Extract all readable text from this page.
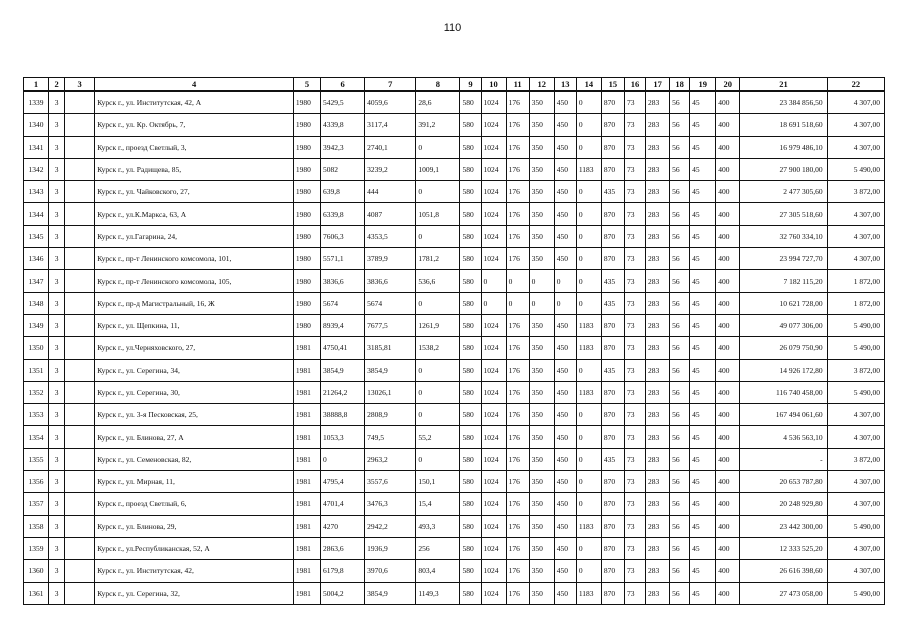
110
1	2	3	4	5	6	7	8	9	10	11	12	13	14	15	16	17	18	19	20	21	22
1339	3		Курск г., ул. Институтская, 42, А	1980	5429,5	4059,6	28,6	580	1024	176	350	450	0	870	73	283	56	45	400	23 384 856,50	4 307,00
1340	3		Курск г., ул. Кр. Октябрь, 7,	1980	4339,8	3117,4	391,2	580	1024	176	350	450	0	870	73	283	56	45	400	18 691 518,60	4 307,00
1341	3		Курск г., проезд Светлый, 3,	1980	3942,3	2740,1	0	580	1024	176	350	450	0	870	73	283	56	45	400	16 979 486,10	4 307,00
1342	3		Курск г., ул. Радищева, 85,	1980	5082	3239,2	1009,1	580	1024	176	350	450	1183	870	73	283	56	45	400	27 900 180,00	5 490,00
1343	3		Курск г., ул. Чайковского, 27,	1980	639,8	444	0	580	1024	176	350	450	0	435	73	283	56	45	400	2 477 305,60	3 872,00
1344	3		Курск г., ул.К.Маркса, 63, А	1980	6339,8	4087	1051,8	580	1024	176	350	450	0	870	73	283	56	45	400	27 305 518,60	4 307,00
1345	3		Курск г., ул.Гагарина, 24,	1980	7606,3	4353,5	0	580	1024	176	350	450	0	870	73	283	56	45	400	32 760 334,10	4 307,00
1346	3		Курск г., пр-т Ленинского комсомола, 101,	1980	5571,1	3789,9	1781,2	580	1024	176	350	450	0	870	73	283	56	45	400	23 994 727,70	4 307,00
1347	3		Курск г., пр-т Ленинского комсомола, 105,	1980	3836,6	3836,6	536,6	580	0	0	0	0	0	435	73	283	56	45	400	7 182 115,20	1 872,00
1348	3		Курск г., пр-д Магистральный, 16, Ж	1980	5674	5674	0	580	0	0	0	0	0	435	73	283	56	45	400	10 621 728,00	1 872,00
1349	3		Курск г., ул. Щепкина, 11,	1980	8939,4	7677,5	1261,9	580	1024	176	350	450	1183	870	73	283	56	45	400	49 077 306,00	5 490,00
1350	3		Курск г., ул.Черняховского, 27,	1981	4750,41	3185,81	1538,2	580	1024	176	350	450	1183	870	73	283	56	45	400	26 079 750,90	5 490,00
1351	3		Курск г., ул. Серегина, 34,	1981	3854,9	3854,9	0	580	1024	176	350	450	0	435	73	283	56	45	400	14 926 172,80	3 872,00
1352	3		Курск г., ул. Серегина, 30,	1981	21264,2	13026,1	0	580	1024	176	350	450	1183	870	73	283	56	45	400	116 740 458,00	5 490,00
1353	3		Курск г., ул. 3-я Песковская, 25,	1981	38888,8	2808,9	0	580	1024	176	350	450	0	870	73	283	56	45	400	167 494 061,60	4 307,00
1354	3		Курск г., ул. Блинова, 27, А	1981	1053,3	749,5	55,2	580	1024	176	350	450	0	870	73	283	56	45	400	4 536 563,10	4 307,00
1355	3		Курск г., ул. Семеновская, 82,	1981	0	2963,2	0	580	1024	176	350	450	0	435	73	283	56	45	400	-	3 872,00
1356	3		Курск г., ул. Мирная, 11,	1981	4795,4	3557,6	150,1	580	1024	176	350	450	0	870	73	283	56	45	400	20 653 787,80	4 307,00
1357	3		Курск г., проезд Светлый, 6,	1981	4701,4	3476,3	15,4	580	1024	176	350	450	0	870	73	283	56	45	400	20 248 929,80	4 307,00
1358	3		Курск г., ул. Блинова, 29,	1981	4270	2942,2	493,3	580	1024	176	350	450	1183	870	73	283	56	45	400	23 442 300,00	5 490,00
1359	3		Курск г., ул.Республиканская, 52, А	1981	2863,6	1936,9	256	580	1024	176	350	450	0	870	73	283	56	45	400	12 333 525,20	4 307,00
1360	3		Курск г., ул. Институтская, 42,	1981	6179,8	3970,6	803,4	580	1024	176	350	450	0	870	73	283	56	45	400	26 616 398,60	4 307,00
1361	3		Курск г., ул. Серегина, 32,	1981	5004,2	3854,9	1149,3	580	1024	176	350	450	1183	870	73	283	56	45	400	27 473 058,00	5 490,00
